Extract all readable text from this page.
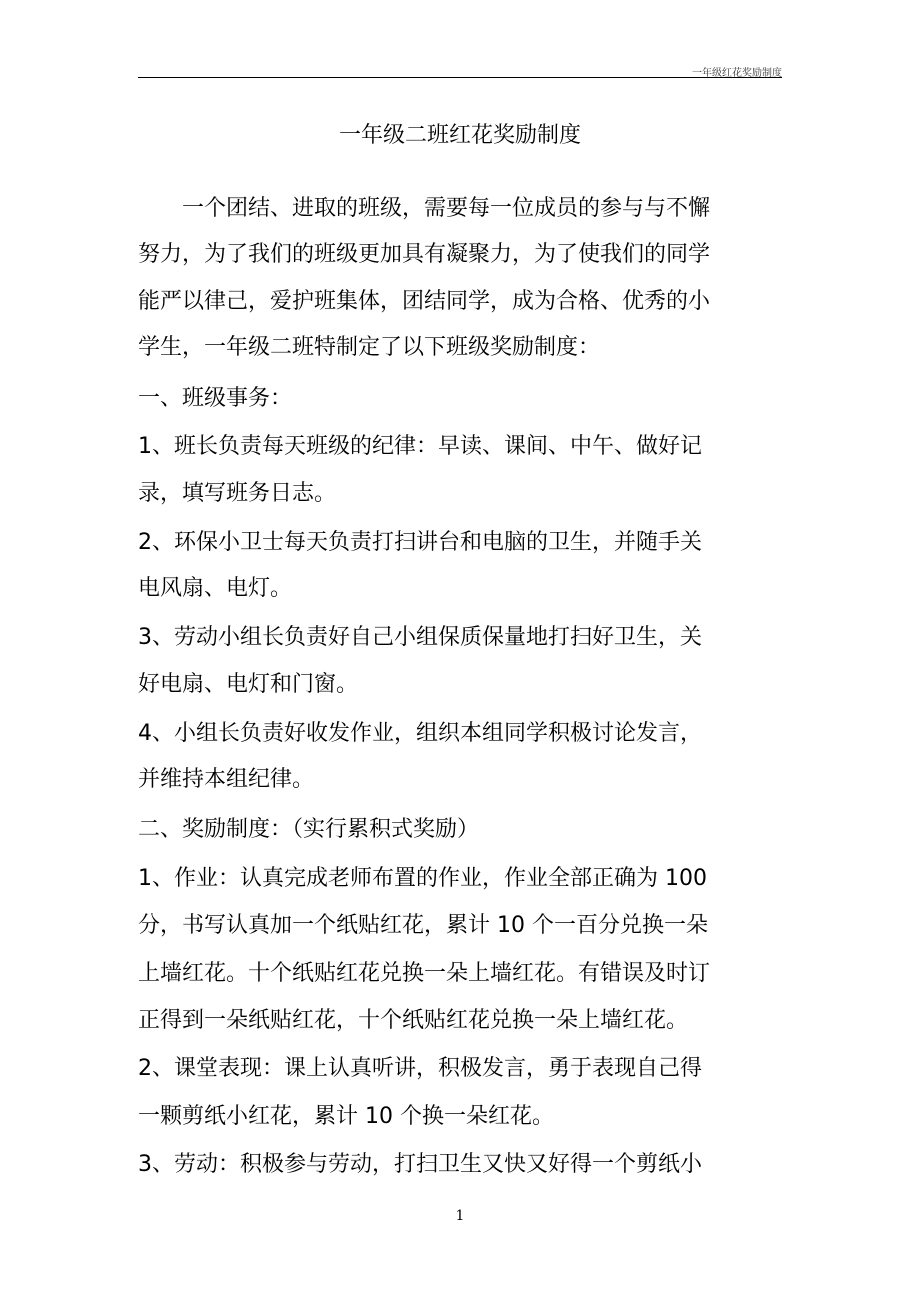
一年级红花奖励制度
一年级二班红花奖励制度
一个团结、进取的班级，需要每一位成员的参与与不懈
努力，为了我们的班级更加具有凝聚力，为了使我们的同学
能严以律己，爱护班集体，团结同学，成为合格、优秀的小
学生，一年级二班特制定了以下班级奖励制度：
一、班级事务：
1、班长负责每天班级的纪律：早读、课间、中午、做好记
录，填写班务日志。
2、环保小卫士每天负责打扫讲台和电脑的卫生，并随手关
电风扇、电灯。
3、劳动小组长负责好自己小组保质保量地打扫好卫生，关
好电扇、电灯和门窗。
4、小组长负责好收发作业，组织本组同学积极讨论发言，
并维持本组纪律。
二、奖励制度：（实行累积式奖励）
1、作业：认真完成老师布置的作业，作业全部正确为 100
分，书写认真加一个纸贴红花，累计 10 个一百分兑换一朵
上墙红花。十个纸贴红花兑换一朵上墙红花。有错误及时订
正得到一朵纸贴红花，十个纸贴红花兑换一朵上墙红花。
2、课堂表现：课上认真听讲，积极发言，勇于表现自己得
一颗剪纸小红花，累计 10 个换一朵红花。
3、劳动：积极参与劳动，打扫卫生又快又好得一个剪纸小
1
